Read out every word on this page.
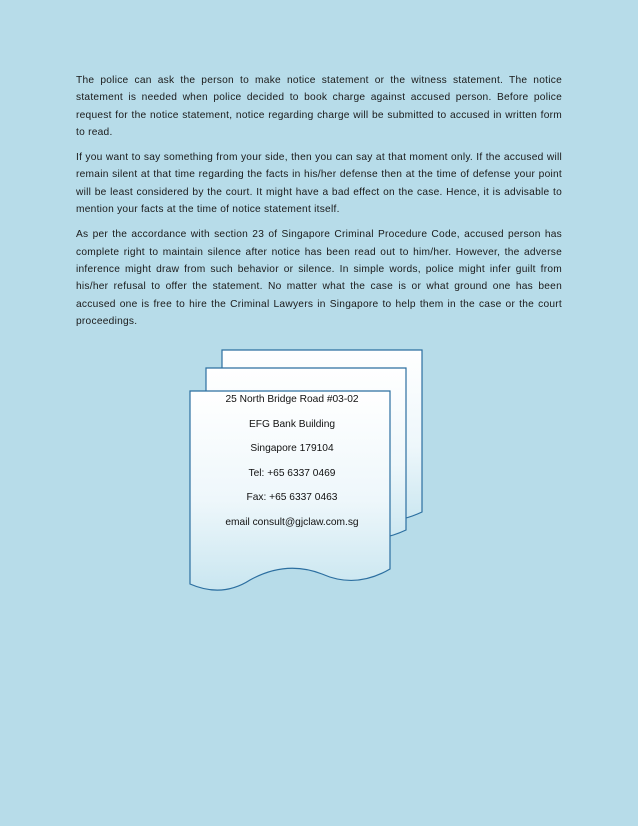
The police can ask the person to make notice statement or the witness statement. The notice statement is needed when police decided to book charge against accused person. Before police request for the notice statement, notice regarding charge will be submitted to accused in written form to read.

If you want to say something from your side, then you can say at that moment only. If the accused will remain silent at that time regarding the facts in his/her defense then at the time of defense your point will be least considered by the court. It might have a bad effect on the case. Hence, it is advisable to mention your facts at the time of notice statement itself.

As per the accordance with section 23 of Singapore Criminal Procedure Code, accused person has complete right to maintain silence after notice has been read out to him/her. However, the adverse inference might draw from such behavior or silence. In simple words, police might infer guilt from his/her refusal to offer the statement. No matter what the case is or what ground one has been accused one is free to hire the Criminal Lawyers in Singapore to help them in the case or the court proceedings.

25 North Bridge Road #03-02
EFG Bank Building
Singapore 179104
Tel: +65 6337 0469
Fax: +65 6337 0463
email consult@gjclaw.com.sg
